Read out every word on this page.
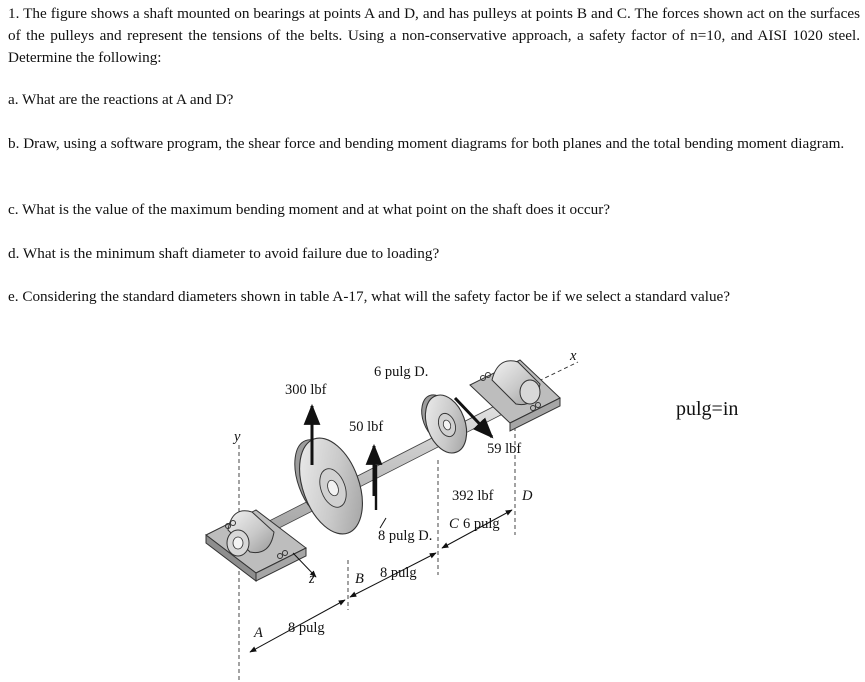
1. The figure shows a shaft mounted on bearings at points A and D, and has pulleys at points B and C. The forces shown act on the surfaces of the pulleys and represent the tensions of the belts. Using a non-conservative approach, a safety factor of n=10, and AISI 1020 steel. Determine the following:
a. What are the reactions at A and D?
b. Draw, using a software program, the shear force and bending moment diagrams for both planes and the total bending moment diagram.
c. What is the value of the maximum bending moment and at what point on the shaft does it occur?
d. What is the minimum shaft diameter to avoid failure due to loading?
e. Considering the standard diameters shown in table A-17, what will the safety factor be if we select a standard value?
y
x
z
A
B
C
D
300 lbf
50 lbf
59 lbf
392 lbf
6 pulg D.
8 pulg D.
8 pulg
8 pulg
6 pulg
pulg=in
